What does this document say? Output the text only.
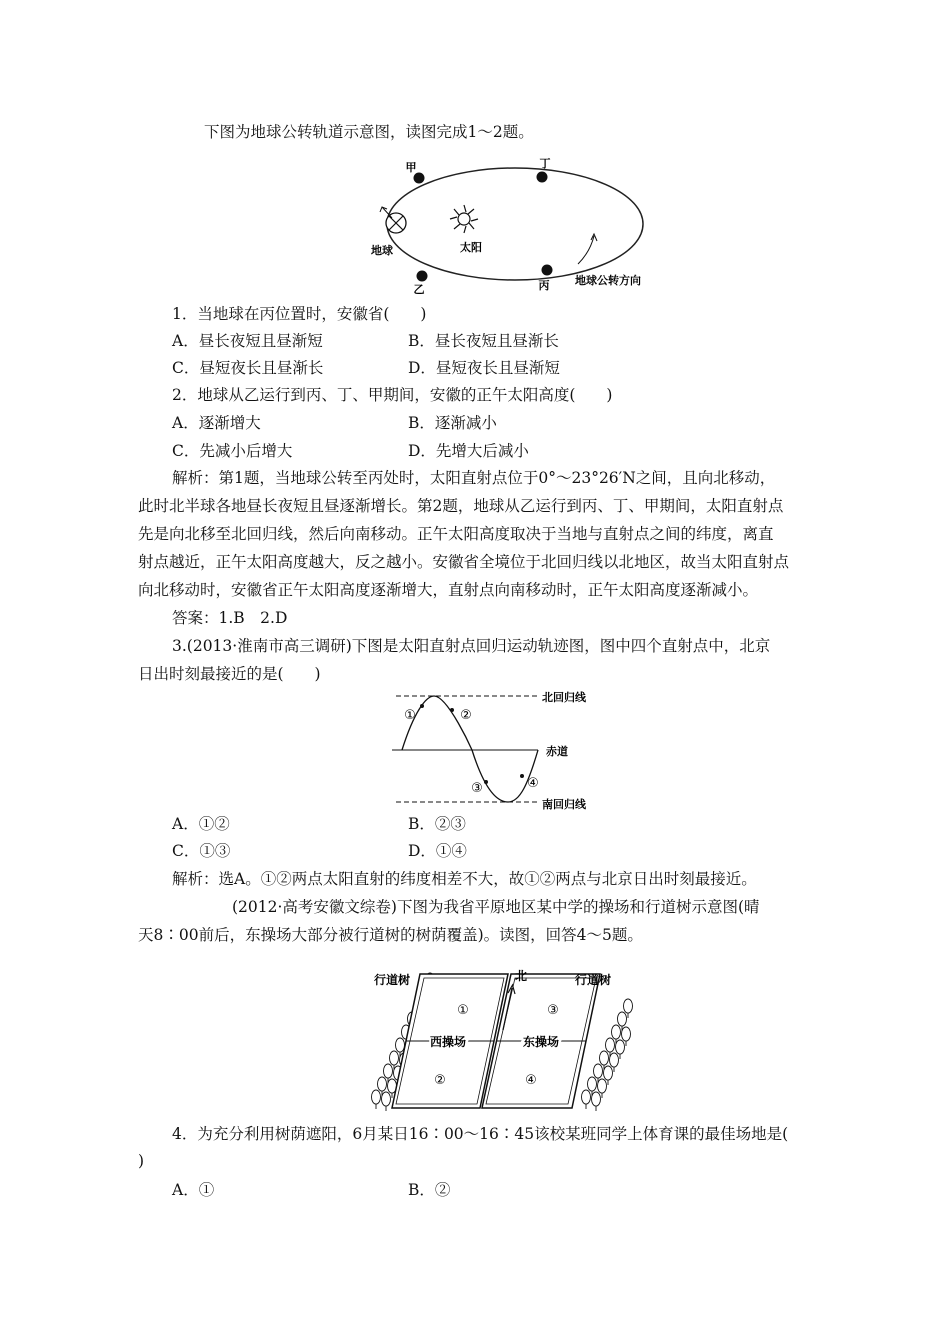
下图为地球公转轨道示意图，读图完成1～2题。
甲	丁
乙	丙
地球	太阳
地球公转方向
1．当地球在丙位置时，安徽省(　　)
A．昼长夜短且昼渐短	B．昼长夜短且昼渐长
C．昼短夜长且昼渐长	D．昼短夜长且昼渐短
2．地球从乙运行到丙、丁、甲期间，安徽的正午太阳高度(　　)
A．逐渐增大	B．逐渐减小
C．先减小后增大	D．先增大后减小
解析：第1题，当地球公转至丙处时，太阳直射点位于0°～23°26′N之间，且向北移动，
此时北半球各地昼长夜短且昼逐渐增长。第2题，地球从乙运行到丙、丁、甲期间，太阳直射点
先是向北移至北回归线，然后向南移动。正午太阳高度取决于当地与直射点之间的纬度，离直
射点越近，正午太阳高度越大，反之越小。安徽省全境位于北回归线以北地区，故当太阳直射点
向北移动时，安徽省正午太阳高度逐渐增大，直射点向南移动时，正午太阳高度逐渐减小。
答案：1.B　2.D
3.(2013·淮南市高三调研)下图是太阳直射点回归运动轨迹图，图中四个直射点中，北京
日出时刻最接近的是(　　)
①	②
③	④
北回归线
赤道
南回归线
A．①②	B．②③
C．①③	D．①④
解析：选A。①②两点太阳直射的纬度相差不大，故①②两点与北京日出时刻最接近。
(2012·高考安徽文综卷)下图为我省平原地区某中学的操场和行道树示意图(晴
天8∶00前后，东操场大部分被行道树的树荫覆盖)。读图，回答4～5题。
北
行道树	行道树
西操场	东操场
①
②
③
④
4．为充分利用树荫遮阳，6月某日16∶00～16∶45该校某班同学上体育课的最佳场地是(
)
A．①	B．②
